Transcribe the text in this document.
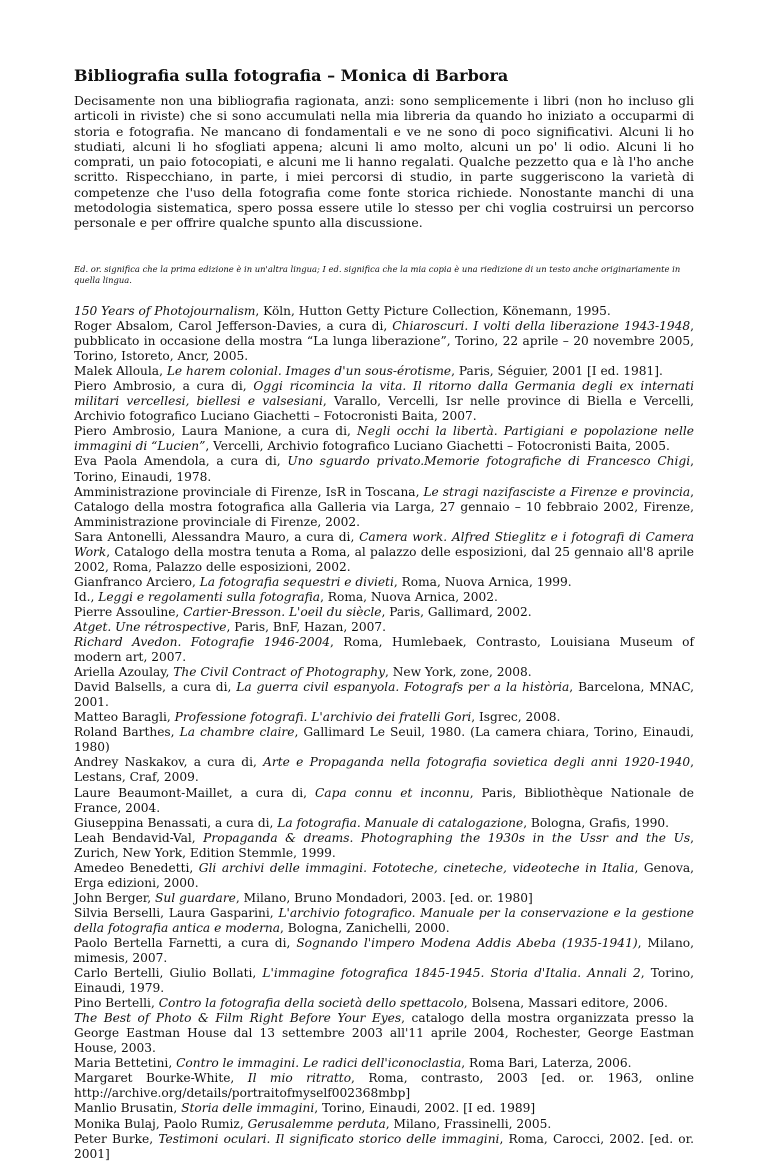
Bibliografia sulla fotografia – Monica di Barbora

Decisamente non una bibliografia ragionata, anzi: sono semplicemente i libri (non ho incluso gli articoli in riviste) che si sono accumulati nella mia libreria da quando ho iniziato a occuparmi di storia e fotografia. Ne mancano di fondamentali e ve ne sono di poco significativi. Alcuni li ho studiati, alcuni li ho sfogliati appena; alcuni li amo molto, alcuni un po' li odio. Alcuni li ho comprati, un paio fotocopiati, e alcuni me li hanno regalati. Qualche pezzetto qua e là l'ho anche scritto. Rispecchiano, in parte, i miei percorsi di studio, in parte suggeriscono la varietà di competenze che l'uso della fotografia come fonte storica richiede. Nonostante manchi di una metodologia sistematica, spero possa essere utile lo stesso per chi voglia costruirsi un percorso personale e per offrire qualche spunto alla discussione.

Ed. or. significa che la prima edizione è in un'altra lingua; I ed. significa che la mia copia è una riedizione di un testo anche originariamente in quella lingua.

150 Years of Photojournalism, Köln, Hutton Getty Picture Collection, Könemann, 1995.
Roger Absalom, Carol Jefferson-Davies, a cura di, Chiaroscuri. I volti della liberazione 1943-1948, pubblicato in occasione della mostra “La lunga liberazione”, Torino, 22 aprile – 20 novembre 2005, Torino, Istoreto, Ancr, 2005.
Malek Alloula, Le harem colonial. Images d'un sous-érotisme, Paris, Séguier, 2001 [I ed. 1981].
Piero Ambrosio, a cura di, Oggi ricomincia la vita. Il ritorno dalla Germania degli ex internati militari vercellesi, biellesi e valsesiani, Varallo, Vercelli, Isr nelle province di Biella e Vercelli, Archivio fotografico Luciano Giachetti – Fotocronisti Baita, 2007.
Piero Ambrosio, Laura Manione, a cura di, Negli occhi la libertà. Partigiani e popolazione nelle immagini di “Lucien”, Vercelli, Archivio fotografico Luciano Giachetti – Fotocronisti Baita, 2005.
Eva Paola Amendola, a cura di, Uno sguardo privato.Memorie fotografiche di Francesco Chigi, Torino, Einaudi, 1978.
Amministrazione provinciale di Firenze, IsR in Toscana, Le stragi nazifasciste a Firenze e provincia, Catalogo della mostra fotografica alla Galleria via Larga, 27 gennaio – 10 febbraio 2002, Firenze, Amministrazione provinciale di Firenze, 2002.
Sara Antonelli, Alessandra Mauro, a cura di, Camera work. Alfred Stieglitz e i fotografi di Camera Work, Catalogo della mostra tenuta a Roma, al palazzo delle esposizioni, dal 25 gennaio all'8 aprile 2002, Roma, Palazzo delle esposizioni, 2002.
Gianfranco Arciero, La fotografia sequestri e divieti, Roma, Nuova Arnica, 1999.
Id., Leggi e regolamenti sulla fotografia, Roma, Nuova Arnica, 2002.
Pierre Assouline, Cartier-Bresson. L'oeil du siècle, Paris, Gallimard, 2002.
Atget. Une rétrospective, Paris, BnF, Hazan, 2007.
Richard Avedon. Fotografie 1946-2004, Roma, Humlebaek, Contrasto, Louisiana Museum of modern art, 2007.
Ariella Azoulay, The Civil Contract of Photography, New York, zone, 2008.
David Balsells, a cura di, La guerra civil espanyola. Fotografs per a la història, Barcelona, MNAC, 2001.
Matteo Baragli, Professione fotografi. L'archivio dei fratelli Gori, Isgrec, 2008.
Roland Barthes, La chambre claire, Gallimard Le Seuil, 1980. (La camera chiara, Torino, Einaudi, 1980)
Andrey Naskakov, a cura di, Arte e Propaganda nella fotografia sovietica degli anni 1920-1940, Lestans, Craf, 2009.
Laure Beaumont-Maillet, a cura di, Capa connu et inconnu, Paris, Bibliothèque Nationale de France, 2004.
Giuseppina Benassati, a cura di, La fotografia. Manuale di catalogazione, Bologna, Grafis, 1990.
Leah Bendavid-Val, Propaganda & dreams. Photographing the 1930s in the Ussr and the Us, Zurich, New York, Edition Stemmle, 1999.
Amedeo Benedetti, Gli archivi delle immagini. Fototeche, cineteche, videoteche in Italia, Genova, Erga edizioni, 2000.
John Berger, Sul guardare, Milano, Bruno Mondadori, 2003. [ed. or. 1980]
Silvia Berselli, Laura Gasparini, L'archivio fotografico. Manuale per la conservazione e la gestione della fotografia antica e moderna, Bologna, Zanichelli, 2000.
Paolo Bertella Farnetti, a cura di, Sognando l'impero Modena Addis Abeba (1935-1941), Milano, mimesis, 2007.
Carlo Bertelli, Giulio Bollati, L'immagine fotografica 1845-1945. Storia d'Italia. Annali 2, Torino, Einaudi, 1979.
Pino Bertelli, Contro la fotografia della società dello spettacolo, Bolsena, Massari editore, 2006.
The Best of Photo & Film Right Before Your Eyes, catalogo della mostra organizzata presso la George Eastman House dal 13 settembre 2003 all'11 aprile 2004, Rochester, George Eastman House, 2003.
Maria Bettetini, Contro le immagini. Le radici dell'iconoclastia, Roma Bari, Laterza, 2006.
Margaret Bourke-White, Il mio ritratto, Roma, contrasto, 2003 [ed. or. 1963, online http://archive.org/details/portraitofmyself002368mbp]
Manlio Brusatin, Storia delle immagini, Torino, Einaudi, 2002. [I ed. 1989]
Monika Bulaj, Paolo Rumiz, Gerusalemme perduta, Milano, Frassinelli, 2005.
Peter Burke, Testimoni oculari. Il significato storico delle immagini, Roma, Carocci, 2002. [ed. or. 2001]
